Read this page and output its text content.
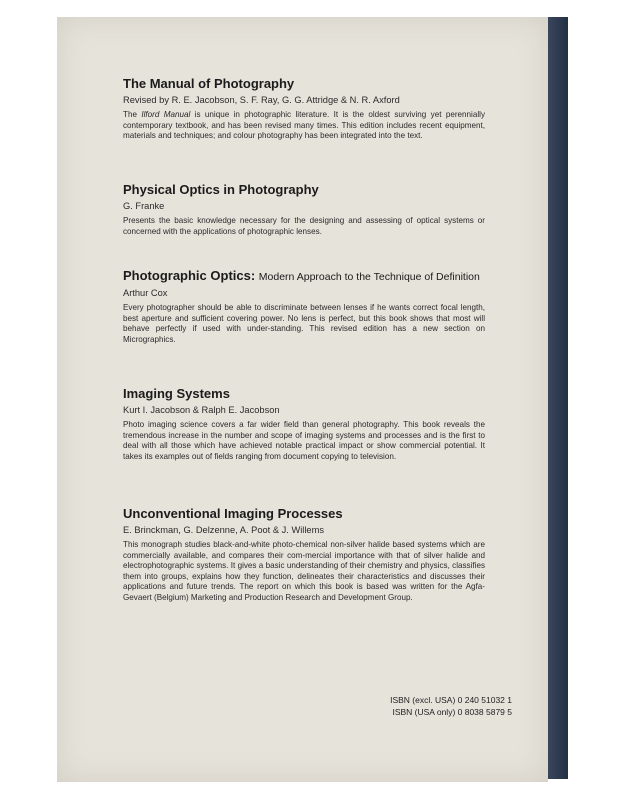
The Manual of Photography
Revised by R. E. Jacobson, S. F. Ray, G. G. Attridge & N. R. Axford

The Ilford Manual is unique in photographic literature. It is the oldest surviving yet perennially contemporary textbook, and has been revised many times. This edition includes recent equipment, materials and techniques; and colour photography has been integrated into the text.

Physical Optics in Photography
G. Franke

Presents the basic knowledge necessary for the designing and assessing of optical systems or concerned with the applications of photographic lenses.

Photographic Optics: Modern Approach to the Technique of Definition
Arthur Cox

Every photographer should be able to discriminate between lenses if he wants correct focal length, best aperture and sufficient covering power. No lens is perfect, but this book shows that most will behave perfectly if used with under-standing. This revised edition has a new section on Micrographics.

Imaging Systems
Kurt I. Jacobson & Ralph E. Jacobson

Photo imaging science covers a far wider field than general photography. This book reveals the tremendous increase in the number and scope of imaging systems and processes and is the first to deal with all those which have achieved notable practical impact or show commercial potential. It takes its examples out of fields ranging from document copying to television.

Unconventional Imaging Processes
E. Brinckman, G. Delzenne, A. Poot & J. Willems

This monograph studies black-and-white photo-chemical non-silver halide based systems which are commercially available, and compares their com-mercial importance with that of silver halide and electrophotographic systems. It gives a basic understanding of their chemistry and physics, classifies them into groups, explains how they function, delineates their characteristics and discusses their applications and future trends. The report on which this book is based was written for the Agfa-Gevaert (Belgium) Marketing and Production Research and Development Group.

ISBN (excl. USA) 0 240 51032 1
ISBN (USA only) 0 8038 5879 5
